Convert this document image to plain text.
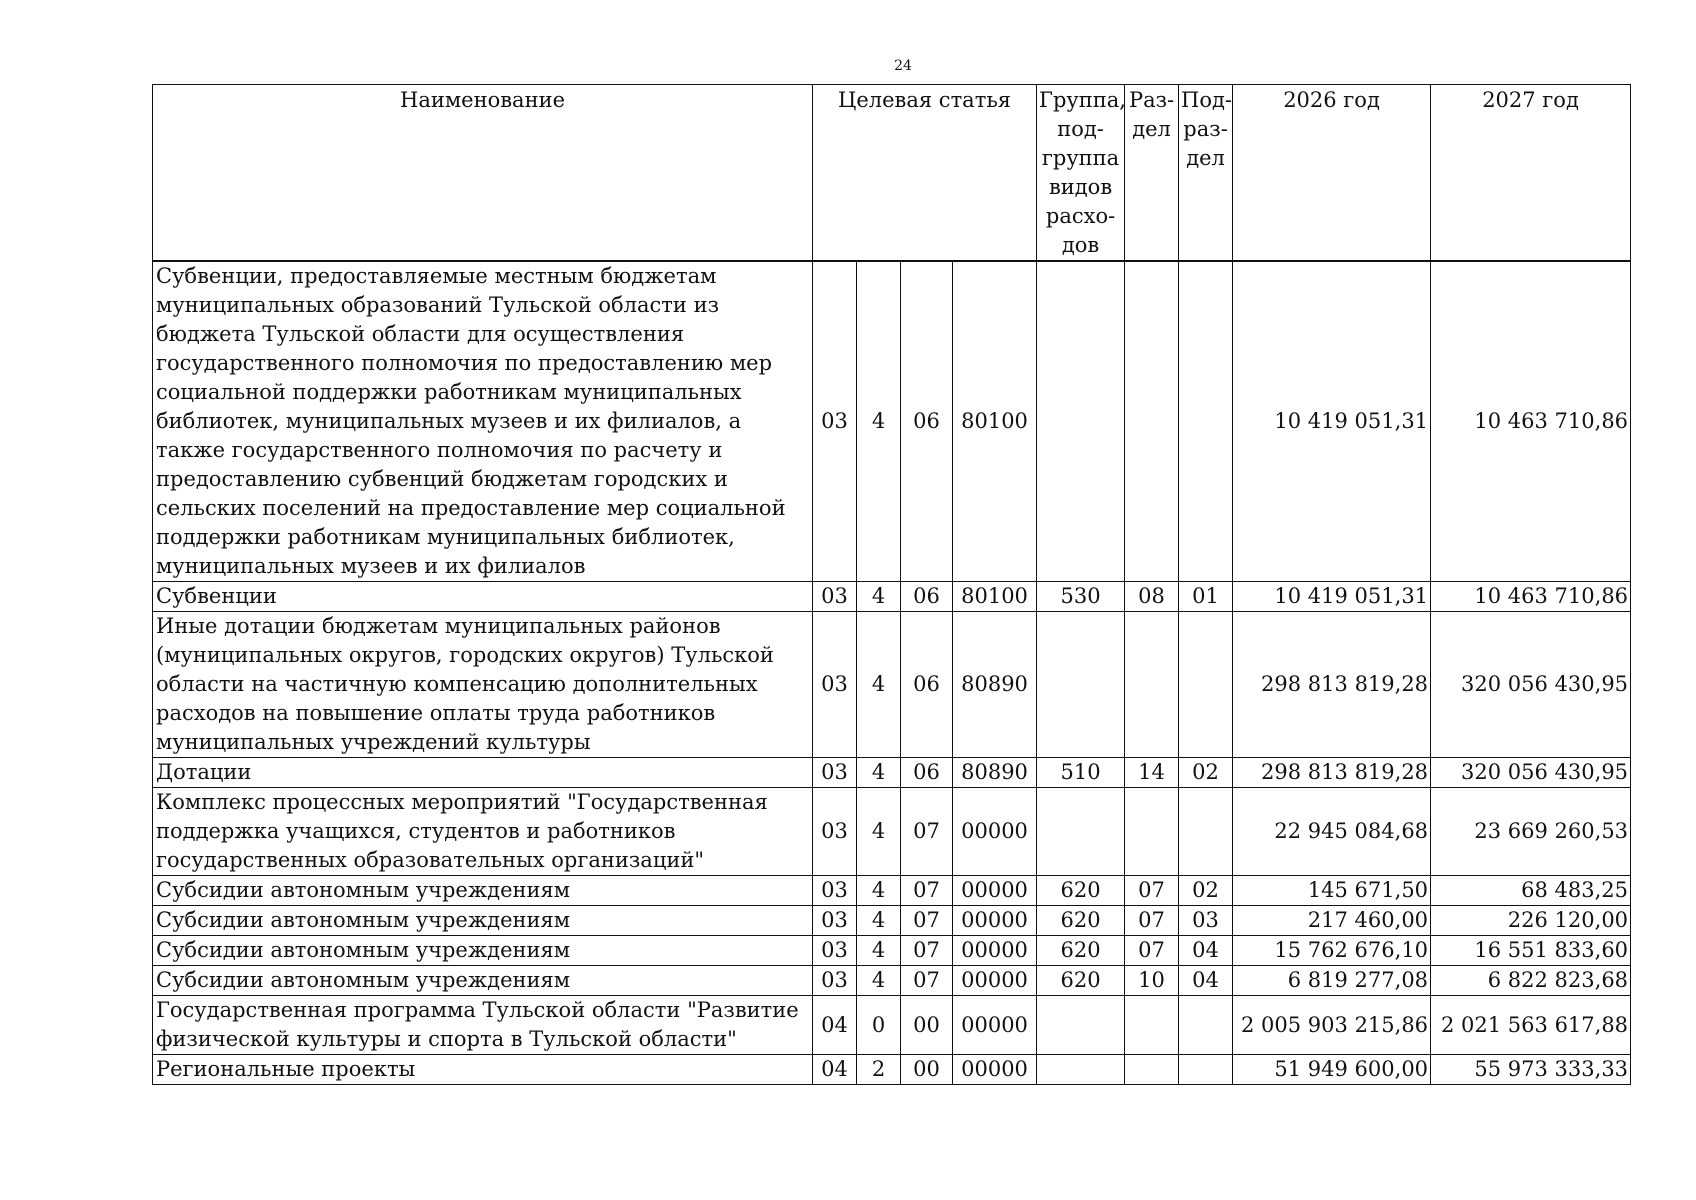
24
Наименование	Целевая статья				Группа, под-группа видов расхо-дов	Раз-дел	Под-раз-дел	2026 год	2027 год
Субвенции, предоставляемые местным бюджетам муниципальных образований Тульской области из бюджета Тульской области для осуществления государственного полномочия по предоставлению мер социальной поддержки работникам муниципальных библиотек, муниципальных музеев и их филиалов, а также государственного полномочия по расчету и предоставлению субвенций бюджетам городских и сельских поселений на предоставление мер социальной поддержки работникам муниципальных библиотек, муниципальных музеев и их филиалов	03	4	06	80100				10 419 051,31	10 463 710,86
Субвенции	03	4	06	80100	530	08	01	10 419 051,31	10 463 710,86
Иные дотации бюджетам муниципальных районов (муниципальных округов, городских округов) Тульской области на частичную компенсацию дополнительных расходов на повышение оплаты труда работников муниципальных учреждений культуры	03	4	06	80890				298 813 819,28	320 056 430,95
Дотации	03	4	06	80890	510	14	02	298 813 819,28	320 056 430,95
Комплекс процессных мероприятий "Государственная поддержка учащихся, студентов и работников государственных образовательных организаций"	03	4	07	00000				22 945 084,68	23 669 260,53
Субсидии автономным учреждениям	03	4	07	00000	620	07	02	145 671,50	68 483,25
Субсидии автономным учреждениям	03	4	07	00000	620	07	03	217 460,00	226 120,00
Субсидии автономным учреждениям	03	4	07	00000	620	07	04	15 762 676,10	16 551 833,60
Субсидии автономным учреждениям	03	4	07	00000	620	10	04	6 819 277,08	6 822 823,68
Государственная программа Тульской области "Развитие физической культуры и спорта в Тульской области"	04	0	00	00000				2 005 903 215,86	2 021 563 617,88
Региональные проекты	04	2	00	00000				51 949 600,00	55 973 333,33
